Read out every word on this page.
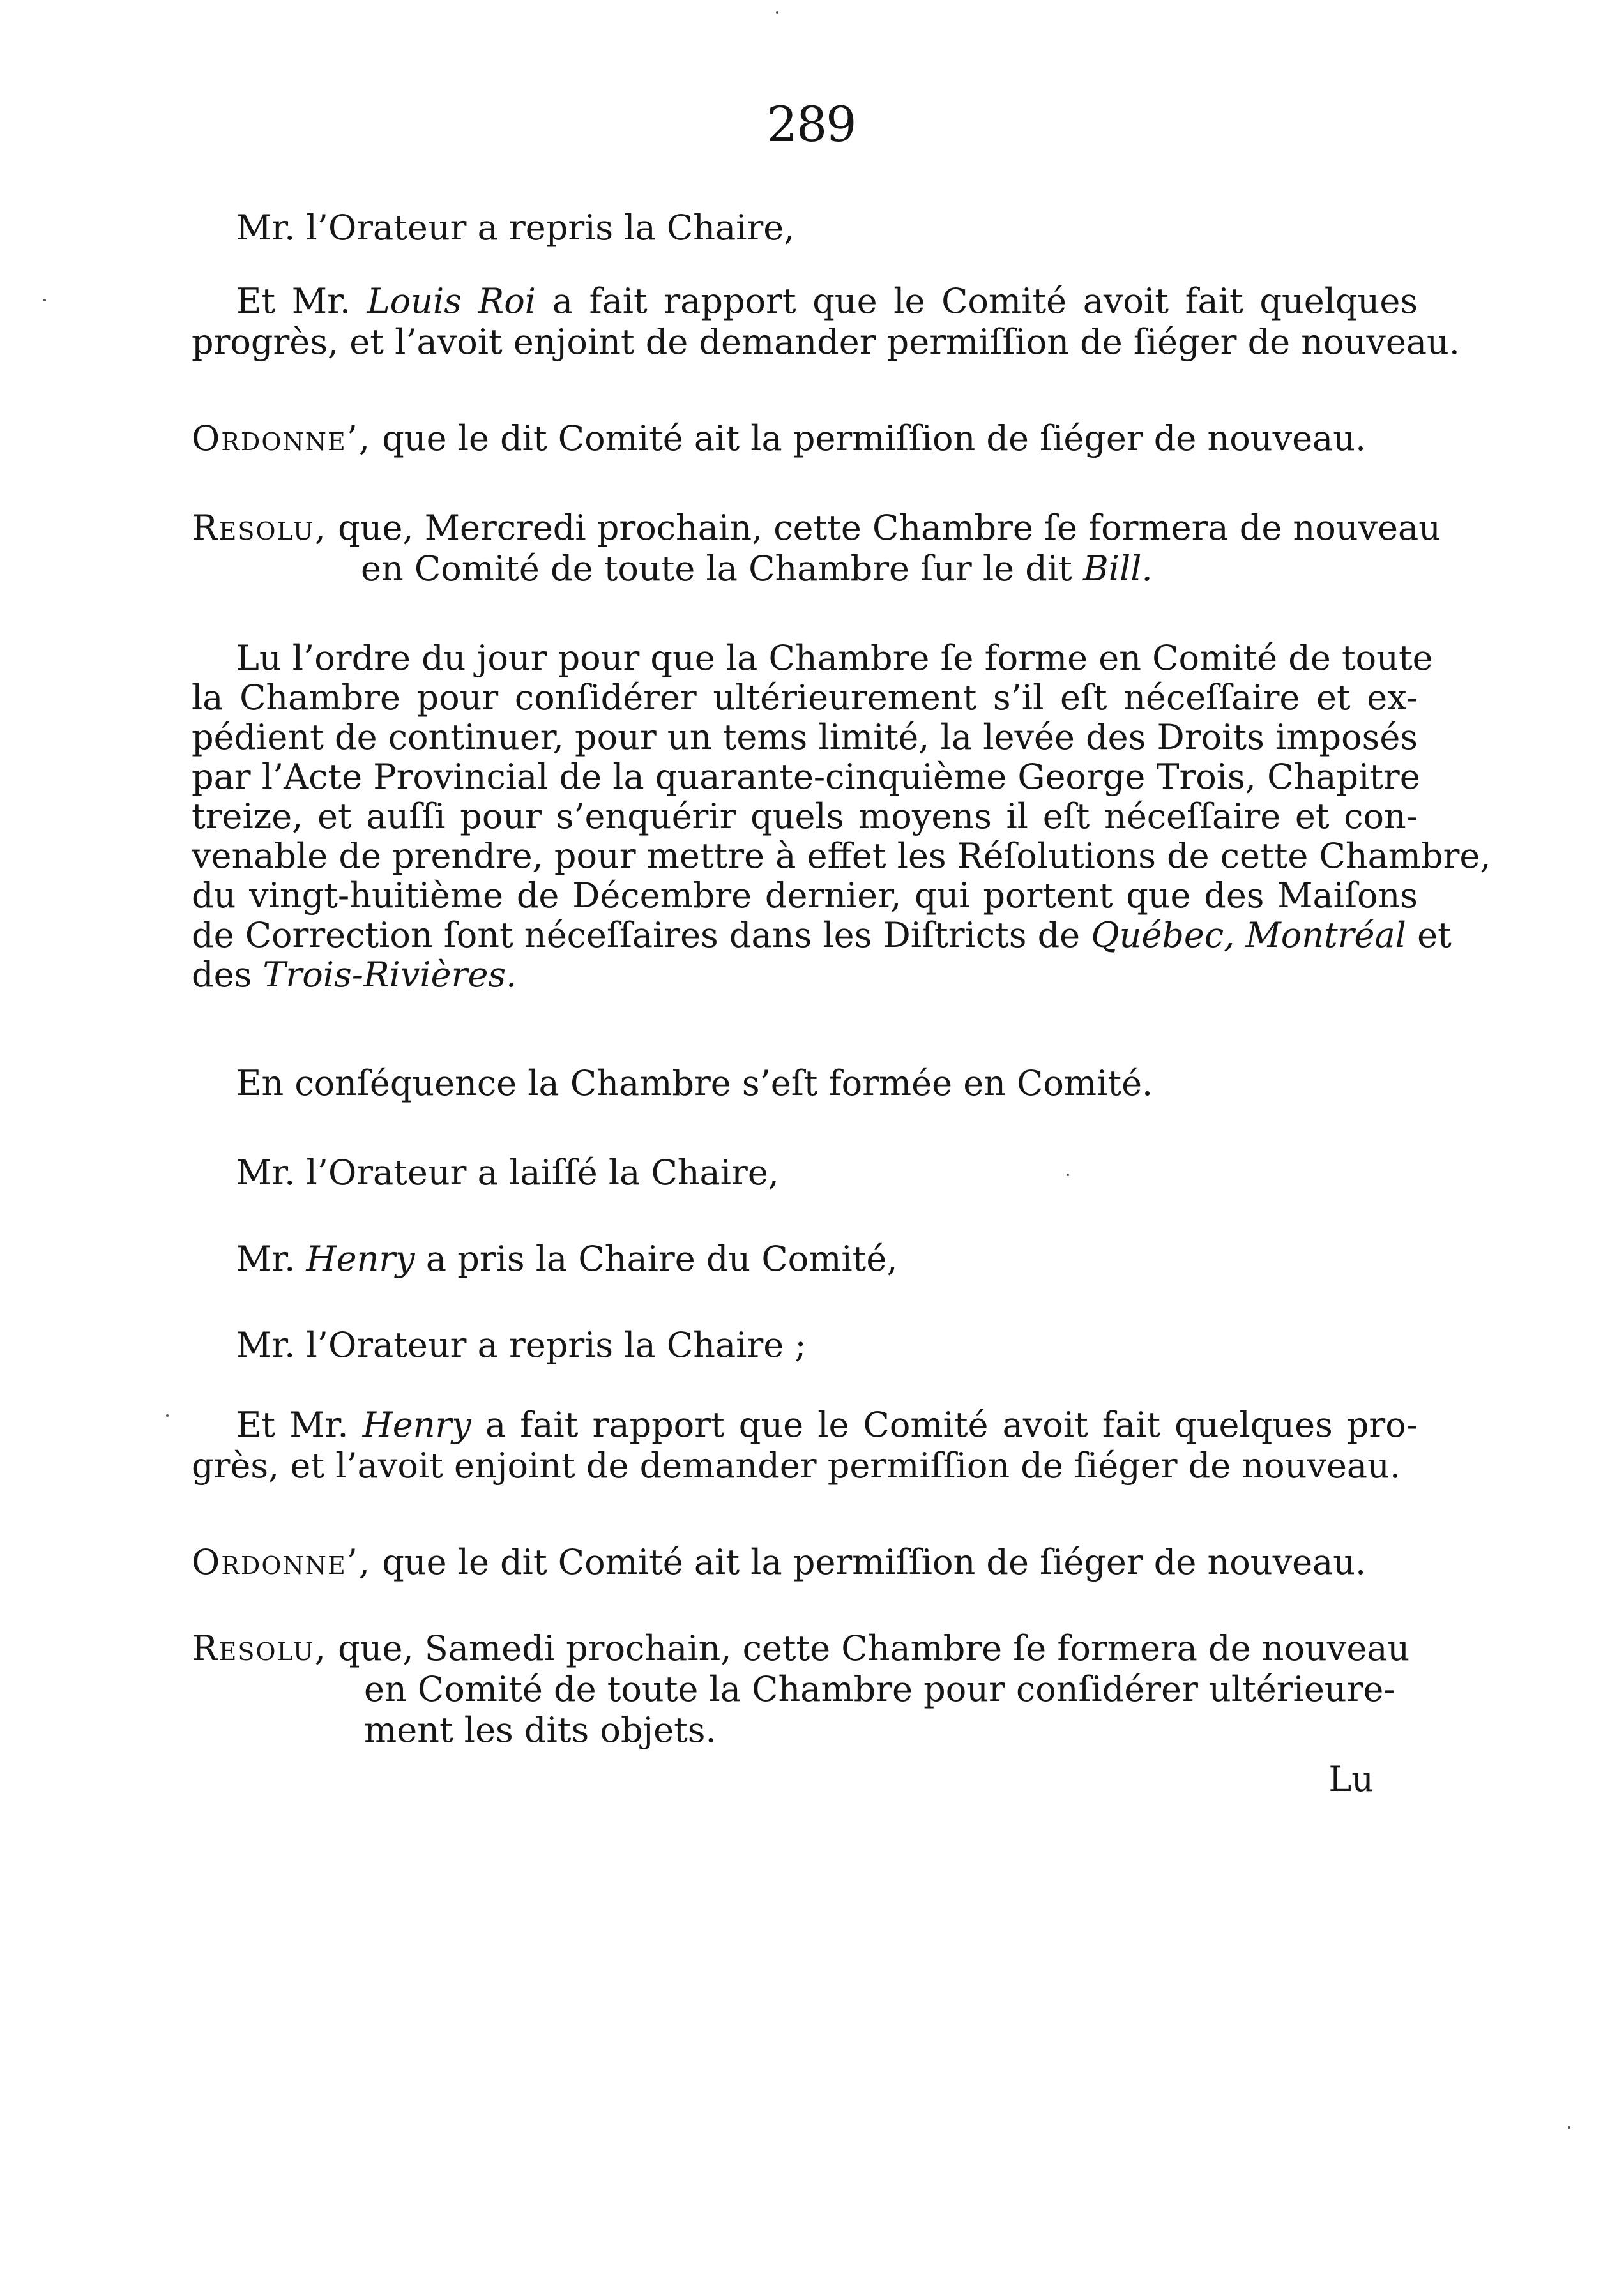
289

Mr. l’Orateur a repris la Chaire,

Et Mr. Louis Roi a fait rapport que le Comité avoit fait quelques
progrès, et l’avoit enjoint de demander permiſſion de ſiéger de nouveau.

Ordonne’, que le dit Comité ait la permiſſion de ſiéger de nouveau.

Resolu, que, Mercredi prochain, cette Chambre ſe formera de nouveau
en Comité de toute la Chambre ſur le dit Bill.

Lu l’ordre du jour pour que la Chambre ſe forme en Comité de toute
la Chambre pour conſidérer ultérieurement s’il eſt néceſſaire et ex-
pédient de continuer, pour un tems limité, la levée des Droits imposés
par l’Acte Provincial de la quarante-cinquième George Trois, Chapitre
treize, et auſſi pour s’enquérir quels moyens il eſt néceſſaire et con-
venable de prendre, pour mettre à effet les Réſolutions de cette Chambre,
du vingt-huitième de Décembre dernier, qui portent que des Maiſons
de Correction ſont néceſſaires dans les Diſtricts de Québec, Montréal et
des Trois-Rivières.

En conſéquence la Chambre s’eſt formée en Comité.

Mr. l’Orateur a laiſſé la Chaire,

Mr. Henry a pris la Chaire du Comité,

Mr. l’Orateur a repris la Chaire ;

Et Mr. Henry a fait rapport que le Comité avoit fait quelques pro-
grès, et l’avoit enjoint de demander permiſſion de ſiéger de nouveau.

Ordonne’, que le dit Comité ait la permiſſion de ſiéger de nouveau.

Resolu, que, Samedi prochain, cette Chambre ſe formera de nouveau
en Comité de toute la Chambre pour conſidérer ultérieure-
ment les dits objets.

Lu
